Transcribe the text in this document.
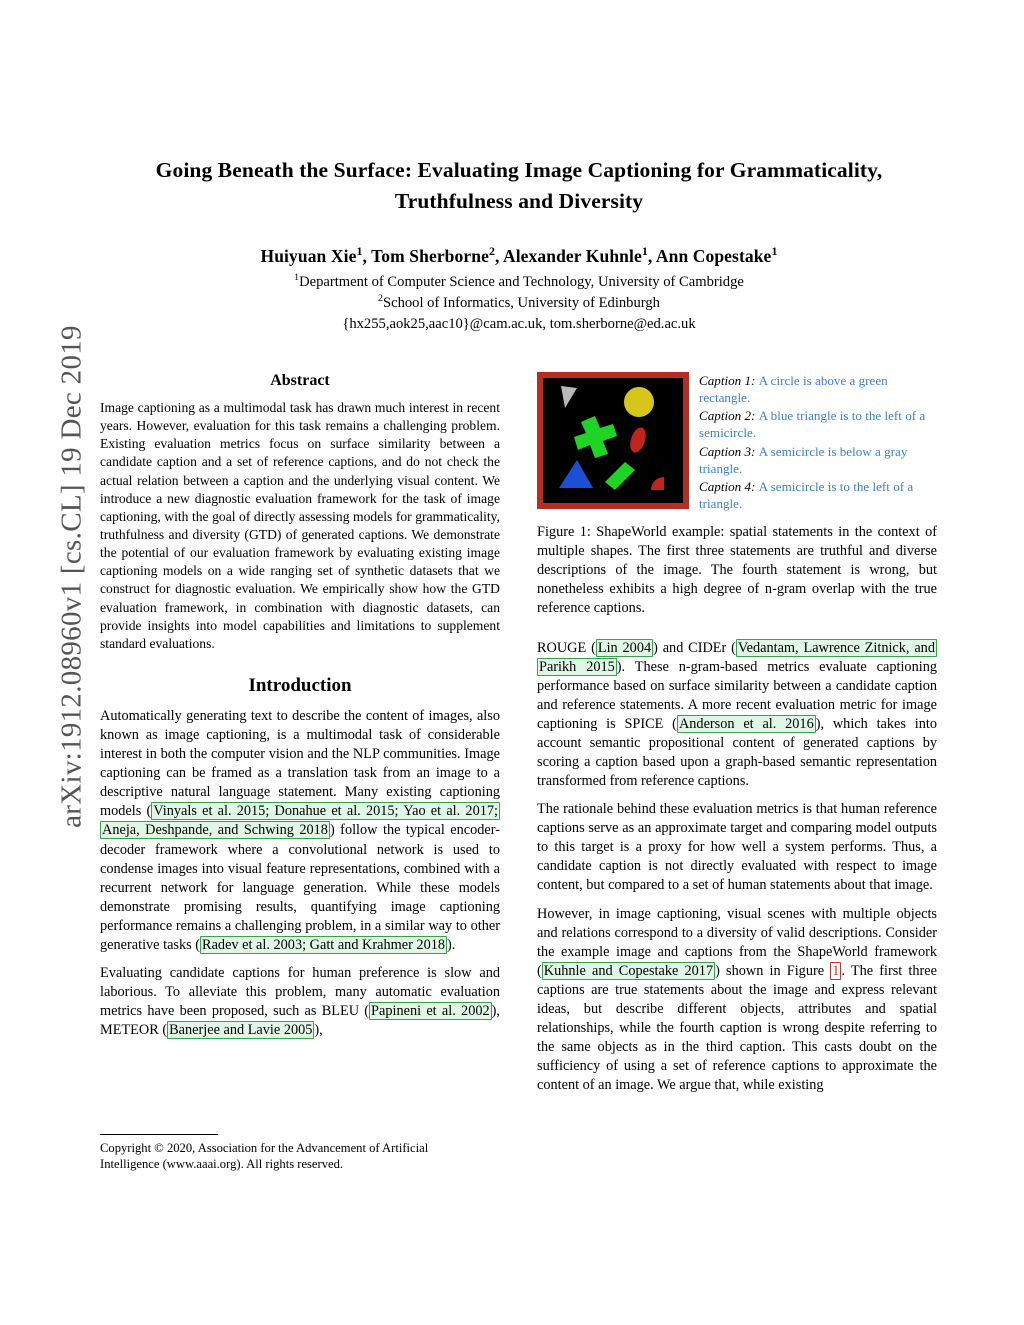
arXiv:1912.08960v1 [cs.CL] 19 Dec 2019
Going Beneath the Surface: Evaluating Image Captioning for Grammaticality, Truthfulness and Diversity
Huiyuan Xie$^1$, Tom Sherborne$^2$, Alexander Kuhnle$^1$, Ann Copestake$^1$
$^1$Department of Computer Science and Technology, University of Cambridge
$^2$School of Informatics, University of Edinburgh
{hx255,aok25,aac10}@cam.ac.uk, tom.sherborne@ed.ac.uk
Abstract

Image captioning as a multimodal task has drawn much interest in recent years. However, evaluation for this task remains a challenging problem. Existing evaluation metrics focus on surface similarity between a candidate caption and a set of reference captions, and do not check the actual relation between a caption and the underlying visual content. We introduce a new diagnostic evaluation framework for the task of image captioning, with the goal of directly assessing models for grammaticality, truthfulness and diversity (GTD) of generated captions. We demonstrate the potential of our evaluation framework by evaluating existing image captioning models on a wide ranging set of synthetic datasets that we construct for diagnostic evaluation. We empirically show how the GTD evaluation framework, in combination with diagnostic datasets, can provide insights into model capabilities and limitations to supplement standard evaluations.

Introduction

Automatically generating text to describe the content of images, also known as image captioning, is a multimodal task of considerable interest in both the computer vision and the NLP communities. Image captioning can be framed as a translation task from an image to a descriptive natural language statement. Many existing captioning models ( Vinyals et al. 2015; Donahue et al. 2015; Yao et al. 2017; Aneja, Deshpande, and Schwing 2018 ) follow the typical encoder-decoder framework where a convolutional network is used to condense images into visual feature representations, combined with a recurrent network for language generation. While these models demonstrate promising results, quantifying image captioning performance remains a challenging problem, in a similar way to other generative tasks ( Radev et al. 2003; Gatt and Krahmer 2018 ).

Evaluating candidate captions for human preference is slow and laborious. To alleviate this problem, many automatic evaluation metrics have been proposed, such as BLEU ( Papineni et al. 2002 ), METEOR ( Banerjee and Lavie 2005 ),

Caption 1: A circle is above a green rectangle.

Caption 2: A blue triangle is to the left of a semicircle.

Caption 3: A semicircle is below a gray triangle.

Caption 4: A semicircle is to the left of a triangle.

Figure 1: ShapeWorld example: spatial statements in the context of multiple shapes. The first three statements are truthful and diverse descriptions of the image. The fourth statement is wrong, but nonetheless exhibits a high degree of n-gram overlap with the true reference captions.

ROUGE ( Lin 2004 ) and CIDEr ( Vedantam, Lawrence Zitnick, and Parikh 2015 ). These n-gram-based metrics evaluate captioning performance based on surface similarity between a candidate caption and reference statements. A more recent evaluation metric for image captioning is SPICE ( Anderson et al. 2016 ), which takes into account semantic propositional content of generated captions by scoring a caption based upon a graph-based semantic representation transformed from reference captions.

The rationale behind these evaluation metrics is that human reference captions serve as an approximate target and comparing model outputs to this target is a proxy for how well a system performs. Thus, a candidate caption is not directly evaluated with respect to image content, but compared to a set of human statements about that image.

However, in image captioning, visual scenes with multiple objects and relations correspond to a diversity of valid descriptions. Consider the example image and captions from the ShapeWorld framework ( Kuhnle and Copestake 2017 ) shown in Figure 1 . The first three captions are true statements about the image and express relevant ideas, but describe different objects, attributes and spatial relationships, while the fourth caption is wrong despite referring to the same objects as in the third caption. This casts doubt on the sufficiency of using a set of reference captions to approximate the content of an image. We argue that, while existing

Copyright © 2020, Association for the Advancement of Artificial

Intelligence (www.aaai.org). All rights reserved.
